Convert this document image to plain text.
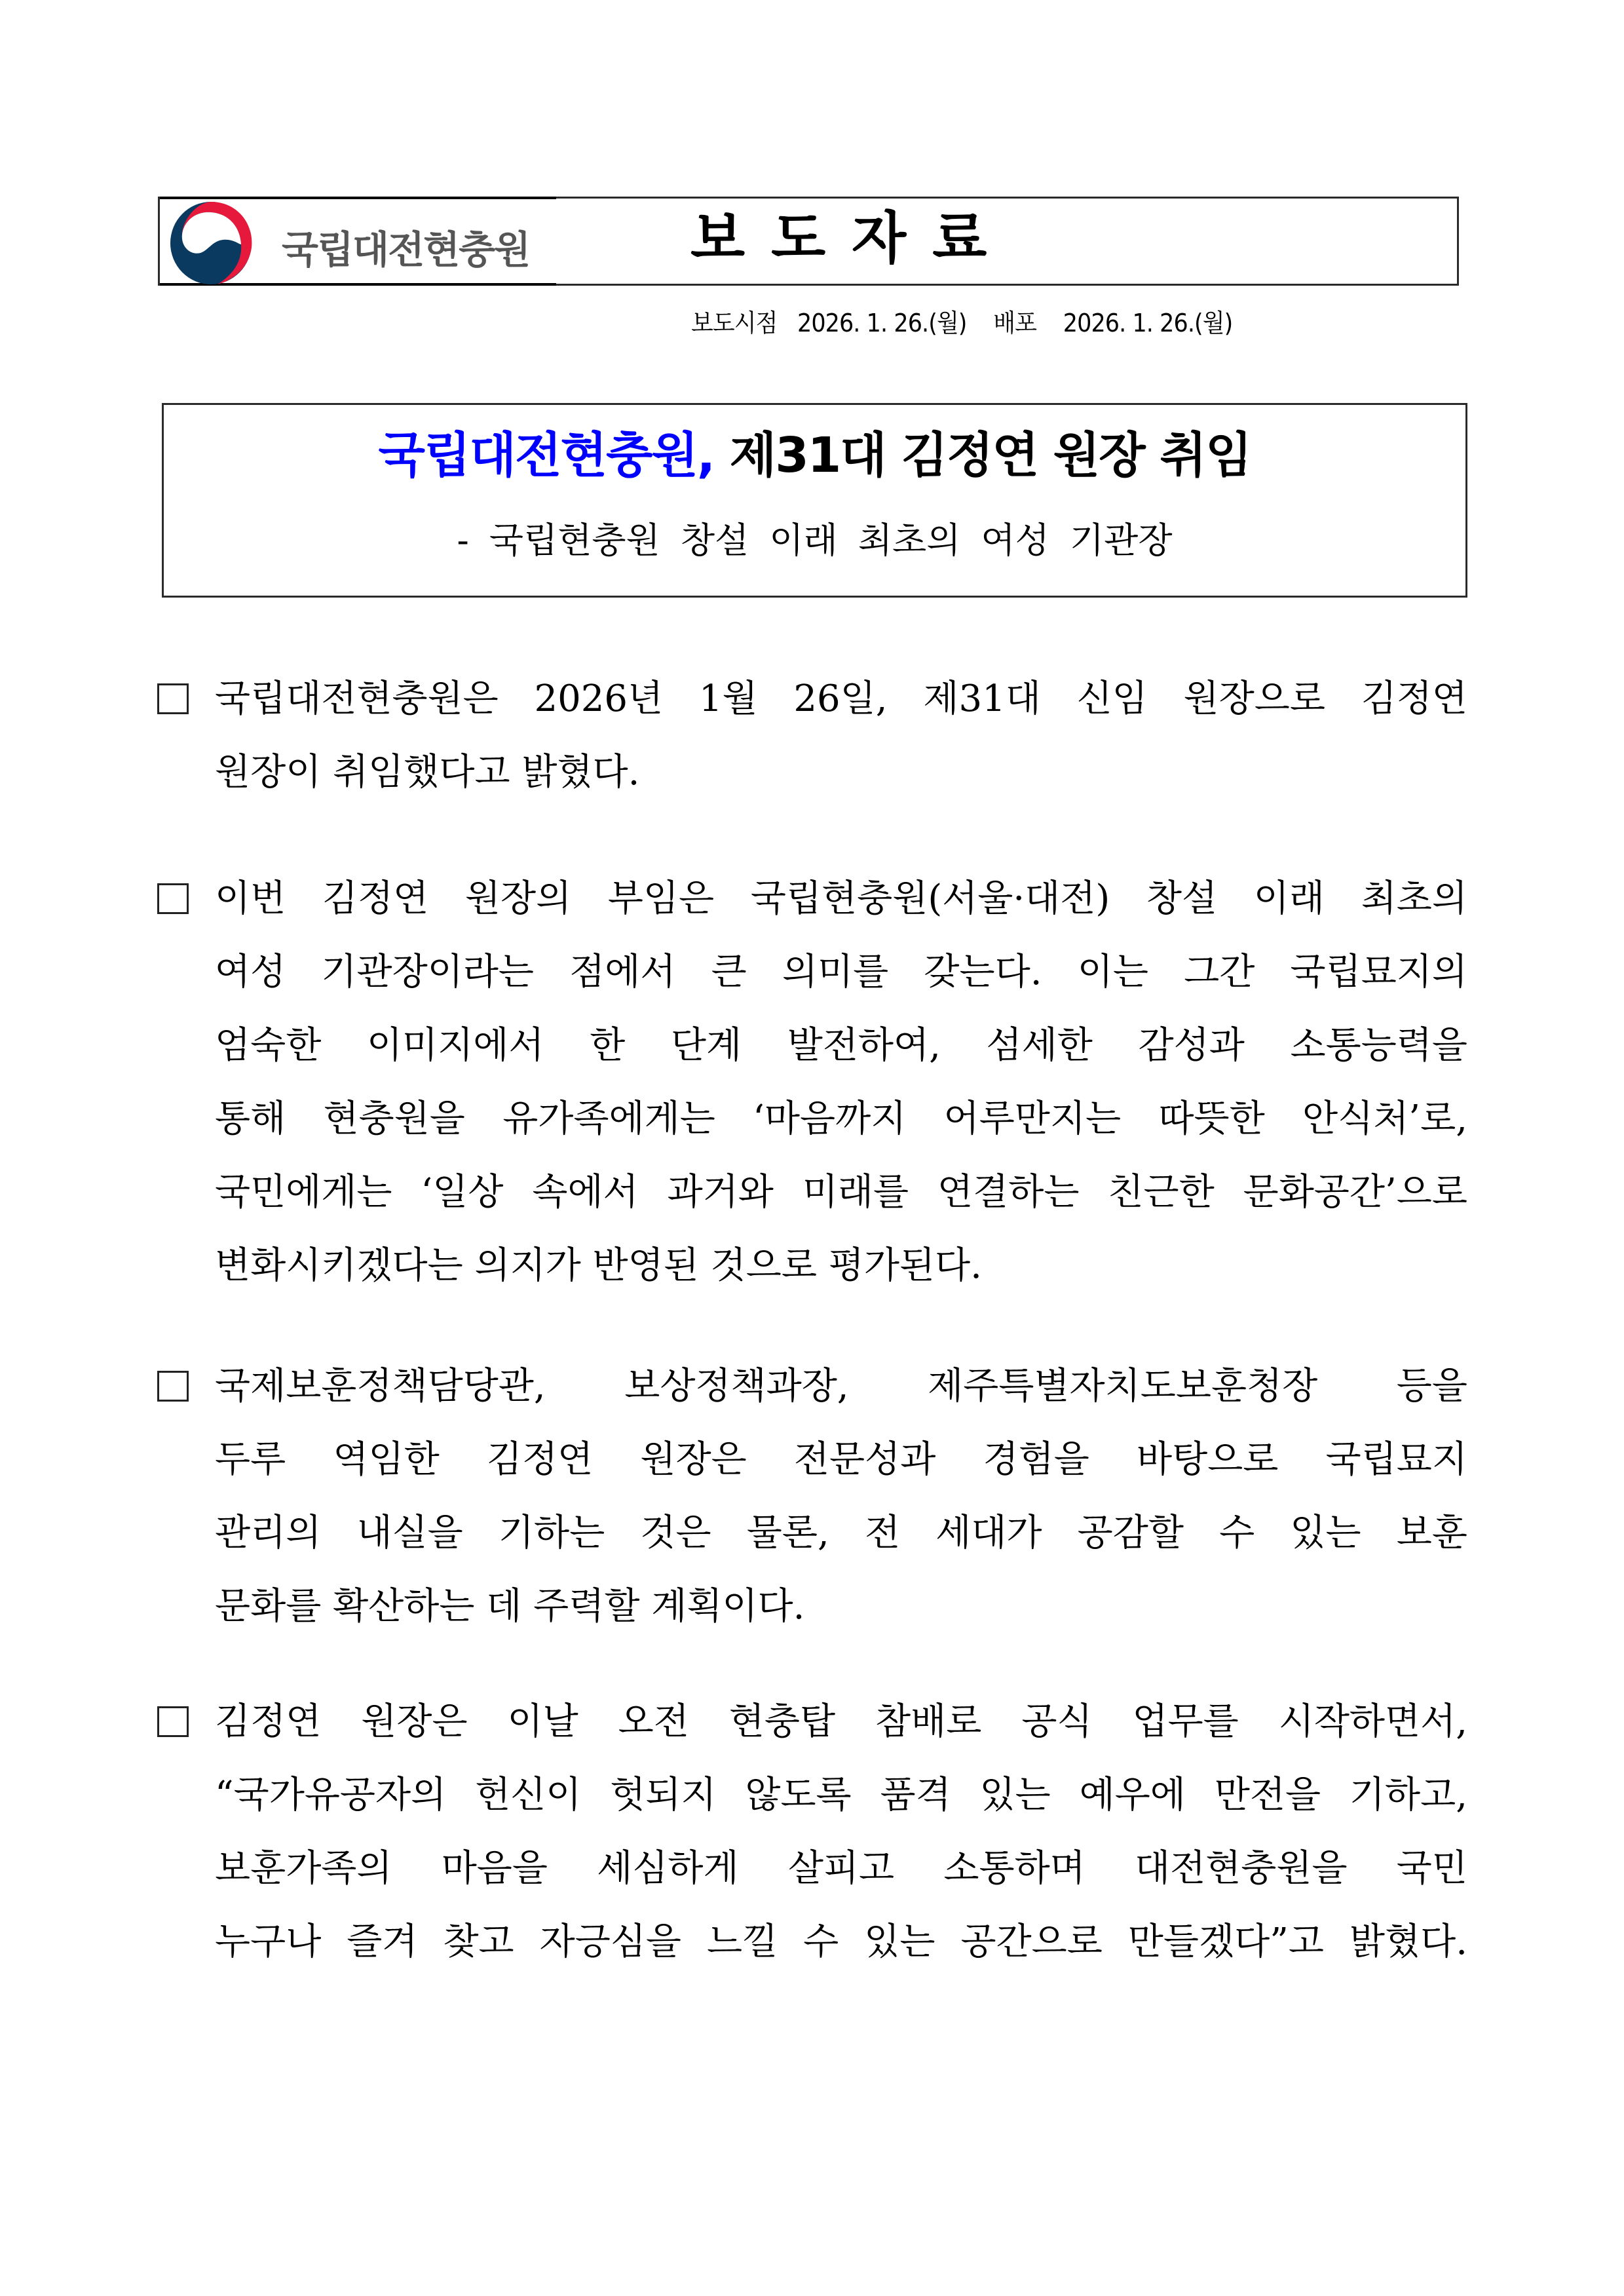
국립대전현충원	보도자료
보도시점 2026. 1. 26.(월) 배포 2026. 1. 26.(월)
국립대전현충원, 제31대 김정연 원장 취임
- 국립현충원 창설 이래 최초의 여성 기관장
국립대전현충원은 2026년 1월 26일, 제31대 신임 원장으로 김정연
원장이 취임했다고 밝혔다.
이번 김정연 원장의 부임은 국립현충원(서울·대전) 창설 이래 최초의
여성 기관장이라는 점에서 큰 의미를 갖는다. 이는 그간 국립묘지의
엄숙한 이미지에서 한 단계 발전하여, 섬세한 감성과 소통능력을
통해 현충원을 유가족에게는 ‘마음까지 어루만지는 따뜻한 안식처’로,
국민에게는 ‘일상 속에서 과거와 미래를 연결하는 친근한 문화공간’으로
변화시키겠다는 의지가 반영된 것으로 평가된다.
국제보훈정책담당관, 보상정책과장, 제주특별자치도보훈청장 등을
두루 역임한 김정연 원장은 전문성과 경험을 바탕으로 국립묘지
관리의 내실을 기하는 것은 물론, 전 세대가 공감할 수 있는 보훈
문화를 확산하는 데 주력할 계획이다.
김정연 원장은 이날 오전 현충탑 참배로 공식 업무를 시작하면서,
“국가유공자의 헌신이 헛되지 않도록 품격 있는 예우에 만전을 기하고,
보훈가족의 마음을 세심하게 살피고 소통하며 대전현충원을 국민
누구나 즐겨 찾고 자긍심을 느낄 수 있는 공간으로 만들겠다”고 밝혔다.
